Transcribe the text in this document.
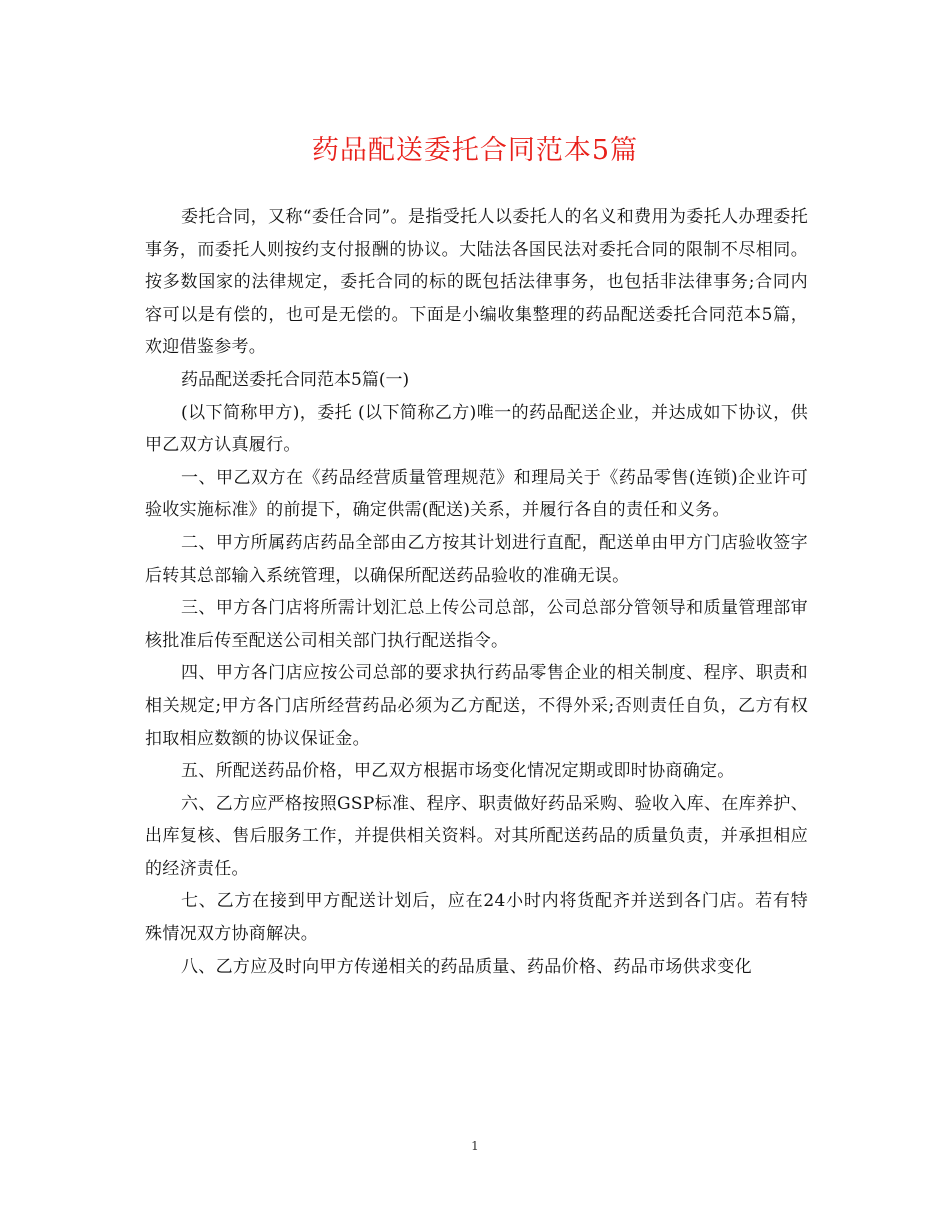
药品配送委托合同范本5篇

委托合同，又称“委任合同”。是指受托人以委托人的名义和费用为委托人办理委托事务，而委托人则按约支付报酬的协议。大陆法各国民法对委托合同的限制不尽相同。按多数国家的法律规定，委托合同的标的既包括法律事务，也包括非法律事务;合同内容可以是有偿的，也可是无偿的。下面是小编收集整理的药品配送委托合同范本5篇，欢迎借鉴参考。

药品配送委托合同范本5篇(一)

(以下简称甲方)，委托 (以下简称乙方)唯一的药品配送企业，并达成如下协议，供甲乙双方认真履行。

一、甲乙双方在《药品经营质量管理规范》和理局关于《药品零售(连锁)企业许可验收实施标准》的前提下，确定供需(配送)关系，并履行各自的责任和义务。

二、甲方所属药店药品全部由乙方按其计划进行直配，配送单由甲方门店验收签字后转其总部输入系统管理，以确保所配送药品验收的准确无误。

三、甲方各门店将所需计划汇总上传公司总部，公司总部分管领导和质量管理部审核批准后传至配送公司相关部门执行配送指令。

四、甲方各门店应按公司总部的要求执行药品零售企业的相关制度、程序、职责和相关规定;甲方各门店所经营药品必须为乙方配送，不得外采;否则责任自负，乙方有权扣取相应数额的协议保证金。

五、所配送药品价格，甲乙双方根据市场变化情况定期或即时协商确定。

六、乙方应严格按照GSP标准、程序、职责做好药品采购、验收入库、在库养护、出库复核、售后服务工作，并提供相关资料。对其所配送药品的质量负责，并承担相应的经济责任。

七、乙方在接到甲方配送计划后，应在24小时内将货配齐并送到各门店。若有特殊情况双方协商解决。

八、乙方应及时向甲方传递相关的药品质量、药品价格、药品市场供求变化

1
